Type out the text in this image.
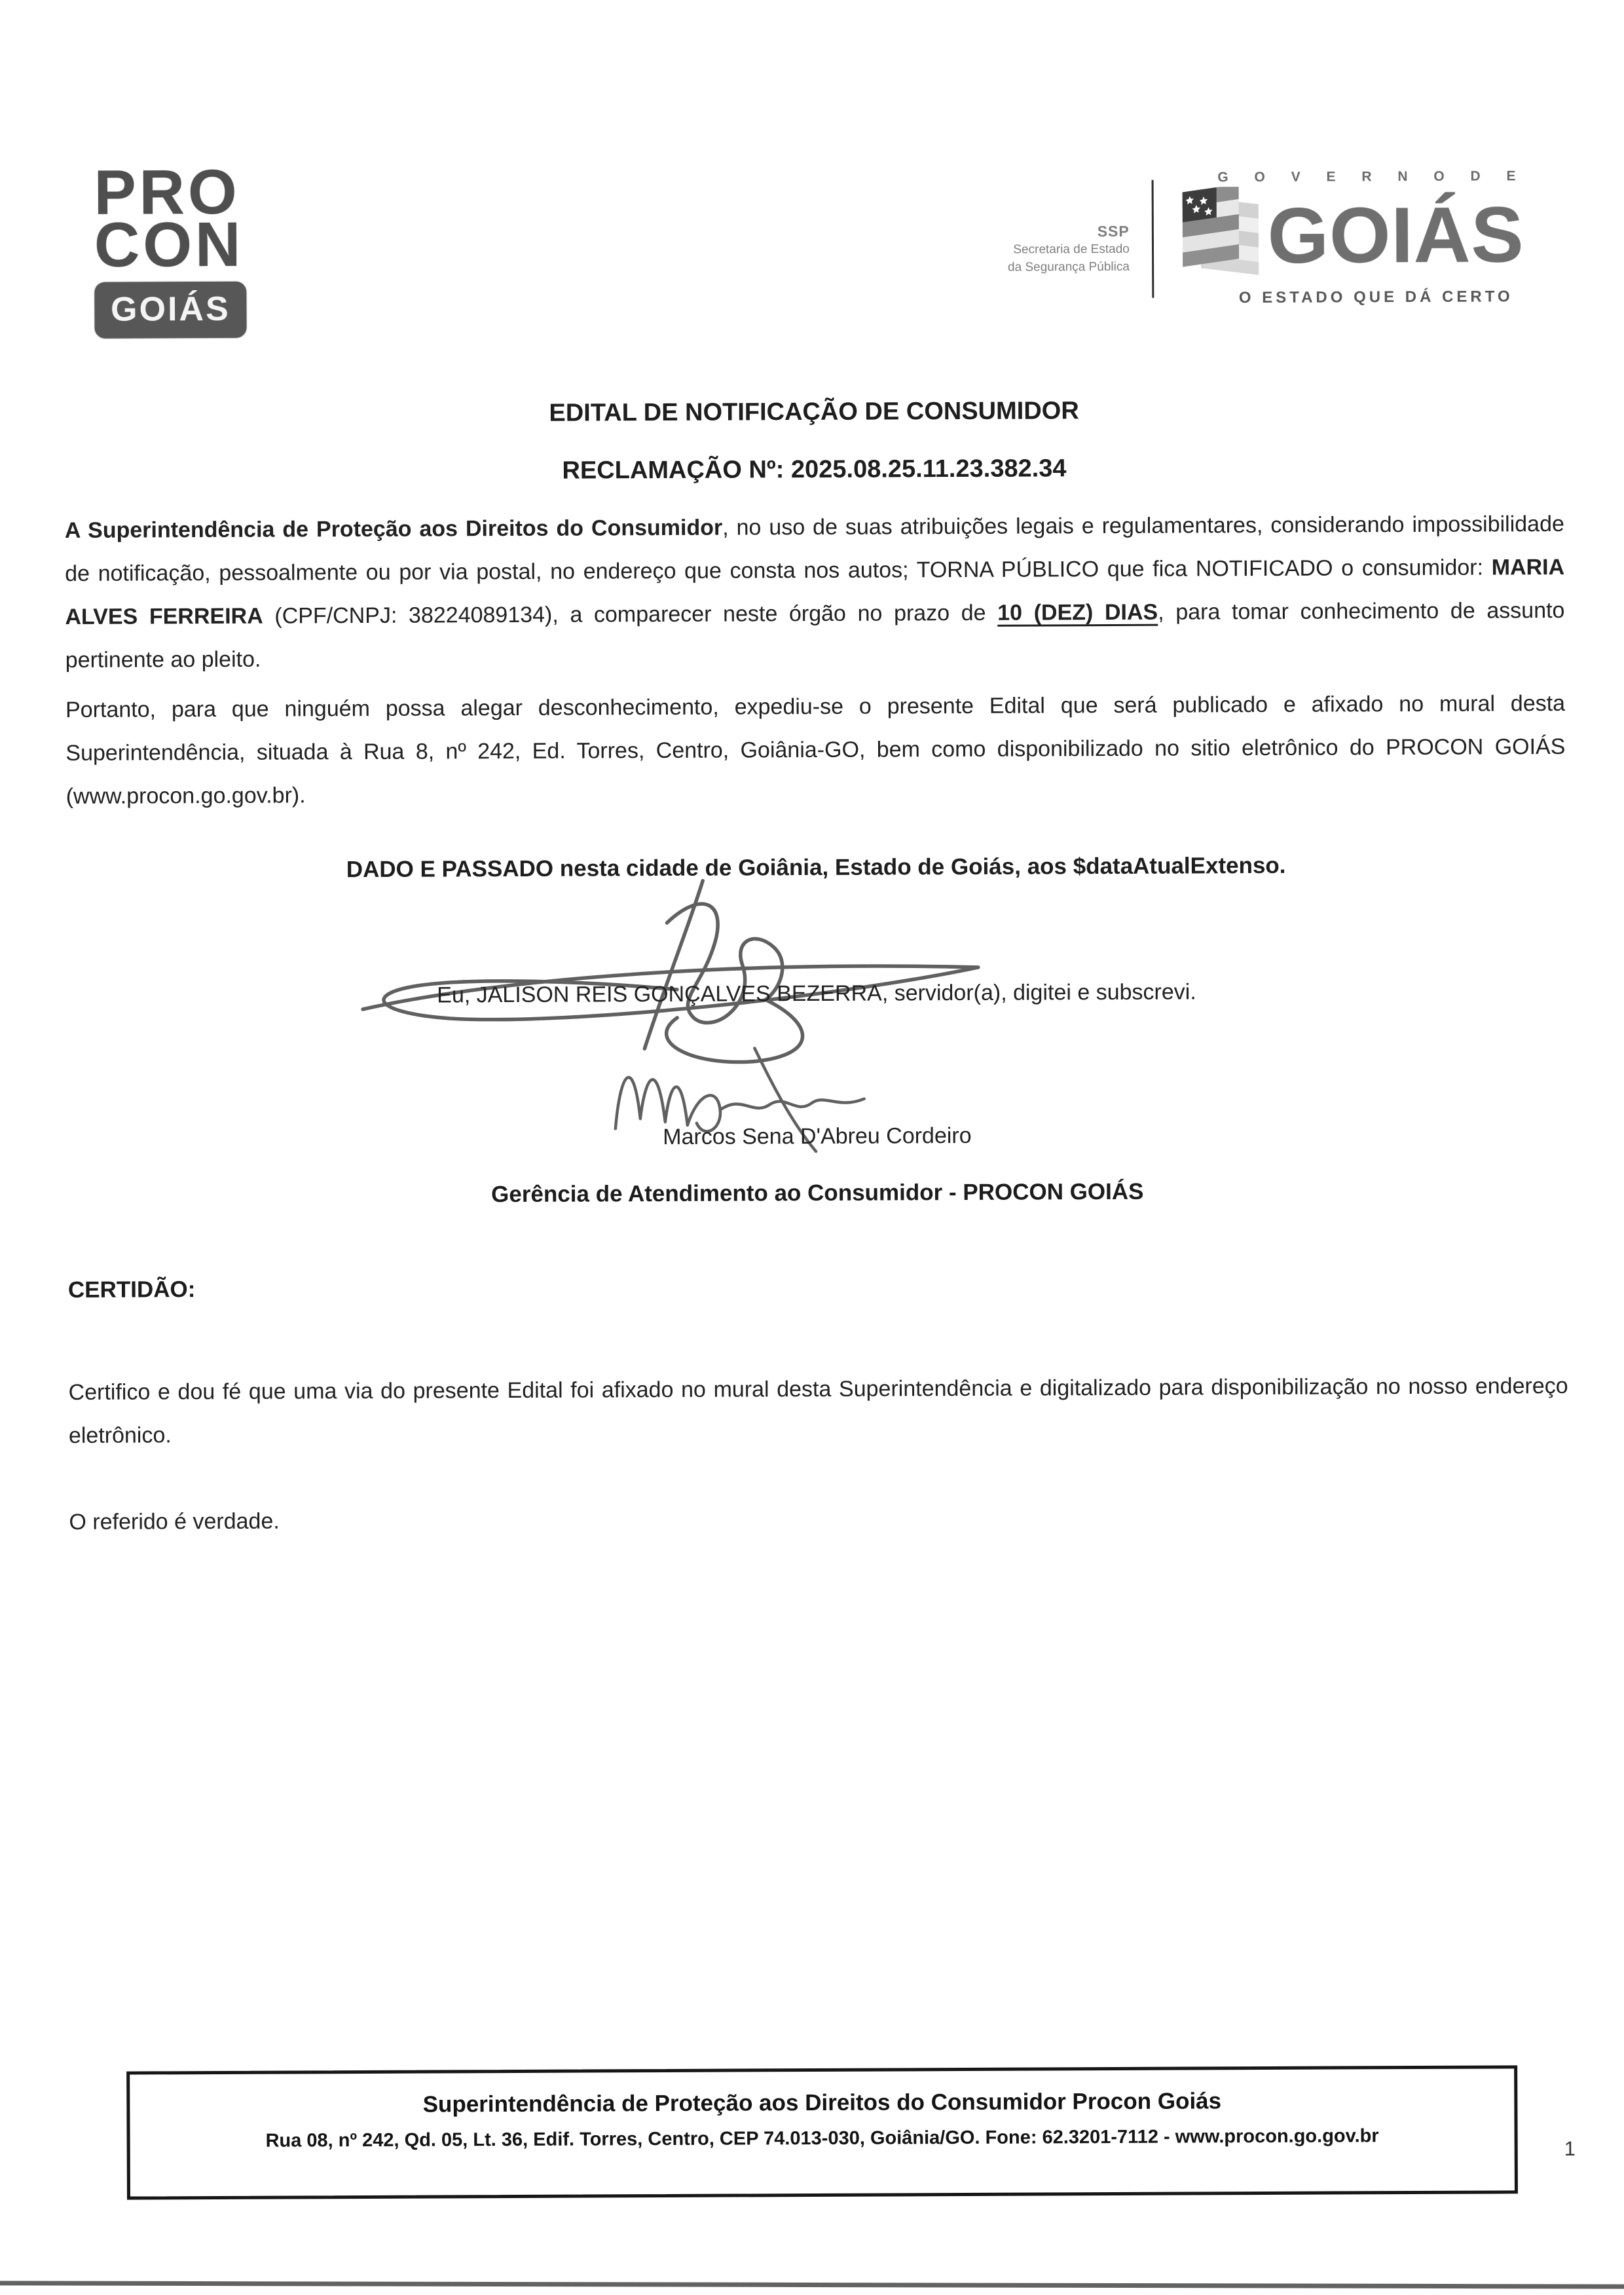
PRO
CON
GOIÁS
SSP
Secretaria de Estado
da Segurança Pública
G O V E R N O D E
GOIÁS
O ESTADO QUE DÁ CERTO
EDITAL DE NOTIFICAÇÃO DE CONSUMIDOR
RECLAMAÇÃO Nº: 2025.08.25.11.23.382.34
A Superintendência de Proteção aos Direitos do Consumidor, no uso de suas atribuições legais e regulamentares, considerando impossibilidade de notificação, pessoalmente ou por via postal, no endereço que consta nos autos; TORNA PÚBLICO que fica NOTIFICADO o consumidor: MARIA ALVES FERREIRA (CPF/CNPJ: 38224089134), a comparecer neste órgão no prazo de 10 (DEZ) DIAS, para tomar conhecimento de assunto pertinente ao pleito.
Portanto, para que ninguém possa alegar desconhecimento, expediu-se o presente Edital que será publicado e afixado no mural desta Superintendência, situada à Rua 8, nº 242, Ed. Torres, Centro, Goiânia-GO, bem como disponibilizado no sitio eletrônico do PROCON GOIÁS (www.procon.go.gov.br).
DADO E PASSADO nesta cidade de Goiânia, Estado de Goiás, aos $dataAtualExtenso.
Eu, JALISON REIS GONÇALVES BEZERRA, servidor(a), digitei e subscrevi.
Marcos Sena D'Abreu Cordeiro
Gerência de Atendimento ao Consumidor - PROCON GOIÁS
CERTIDÃO:
Certifico e dou fé que uma via do presente Edital foi afixado no mural desta Superintendência e digitalizado para disponibilização no nosso endereço eletrônico.
O referido é verdade.
Superintendência de Proteção aos Direitos do Consumidor Procon Goiás
Rua 08, nº 242, Qd. 05, Lt. 36, Edif. Torres, Centro, CEP 74.013-030, Goiânia/GO. Fone: 62.3201-7112 - www.procon.go.gov.br	1
